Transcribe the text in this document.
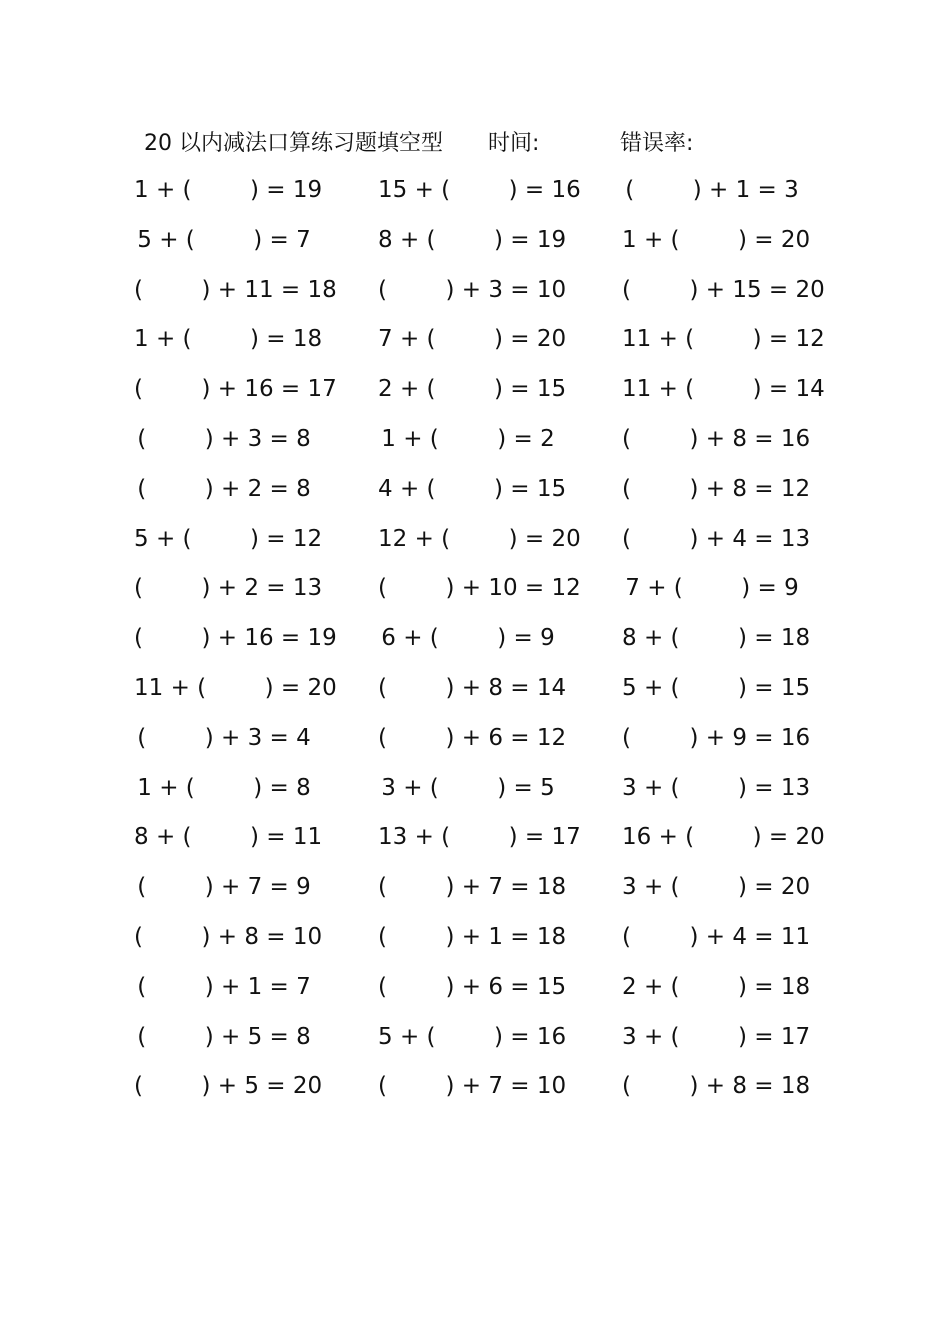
20 以内减法口算练习题填空型 时间:	错误率:
1 + (        ) = 19 15 + (        ) = 16 (        ) + 1 = 3
5 + (        ) = 7	8 + (        ) = 19 1 + (        ) = 20
(        ) + 11 = 18 (        ) + 3 = 10 (        ) + 15 = 20
1 + (        ) = 18 7 + (        ) = 20 11 + (        ) = 12
(        ) + 16 = 17 2 + (        ) = 15 11 + (        ) = 14
(        ) + 3 = 8	1 + (        ) = 2	(        ) + 8 = 16
(        ) + 2 = 8	4 + (        ) = 15 (        ) + 8 = 12
5 + (        ) = 12 12 + (        ) = 20 (        ) + 4 = 13
(        ) + 2 = 13 (        ) + 10 = 12 7 + (        ) = 9
(        ) + 16 = 19 6 + (        ) = 9	8 + (        ) = 18
11 + (        ) = 20 (        ) + 8 = 14 5 + (        ) = 15
(        ) + 3 = 4	(        ) + 6 = 12 (        ) + 9 = 16
1 + (        ) = 8	3 + (        ) = 5	3 + (        ) = 13
8 + (        ) = 11 13 + (        ) = 17 16 + (        ) = 20
(        ) + 7 = 9	(        ) + 7 = 18 3 + (        ) = 20
(        ) + 8 = 10 (        ) + 1 = 18 (        ) + 4 = 11
(        ) + 1 = 7	(        ) + 6 = 15 2 + (        ) = 18
(        ) + 5 = 8	5 + (        ) = 16 3 + (        ) = 17
(        ) + 5 = 20 (        ) + 7 = 10 (        ) + 8 = 18
